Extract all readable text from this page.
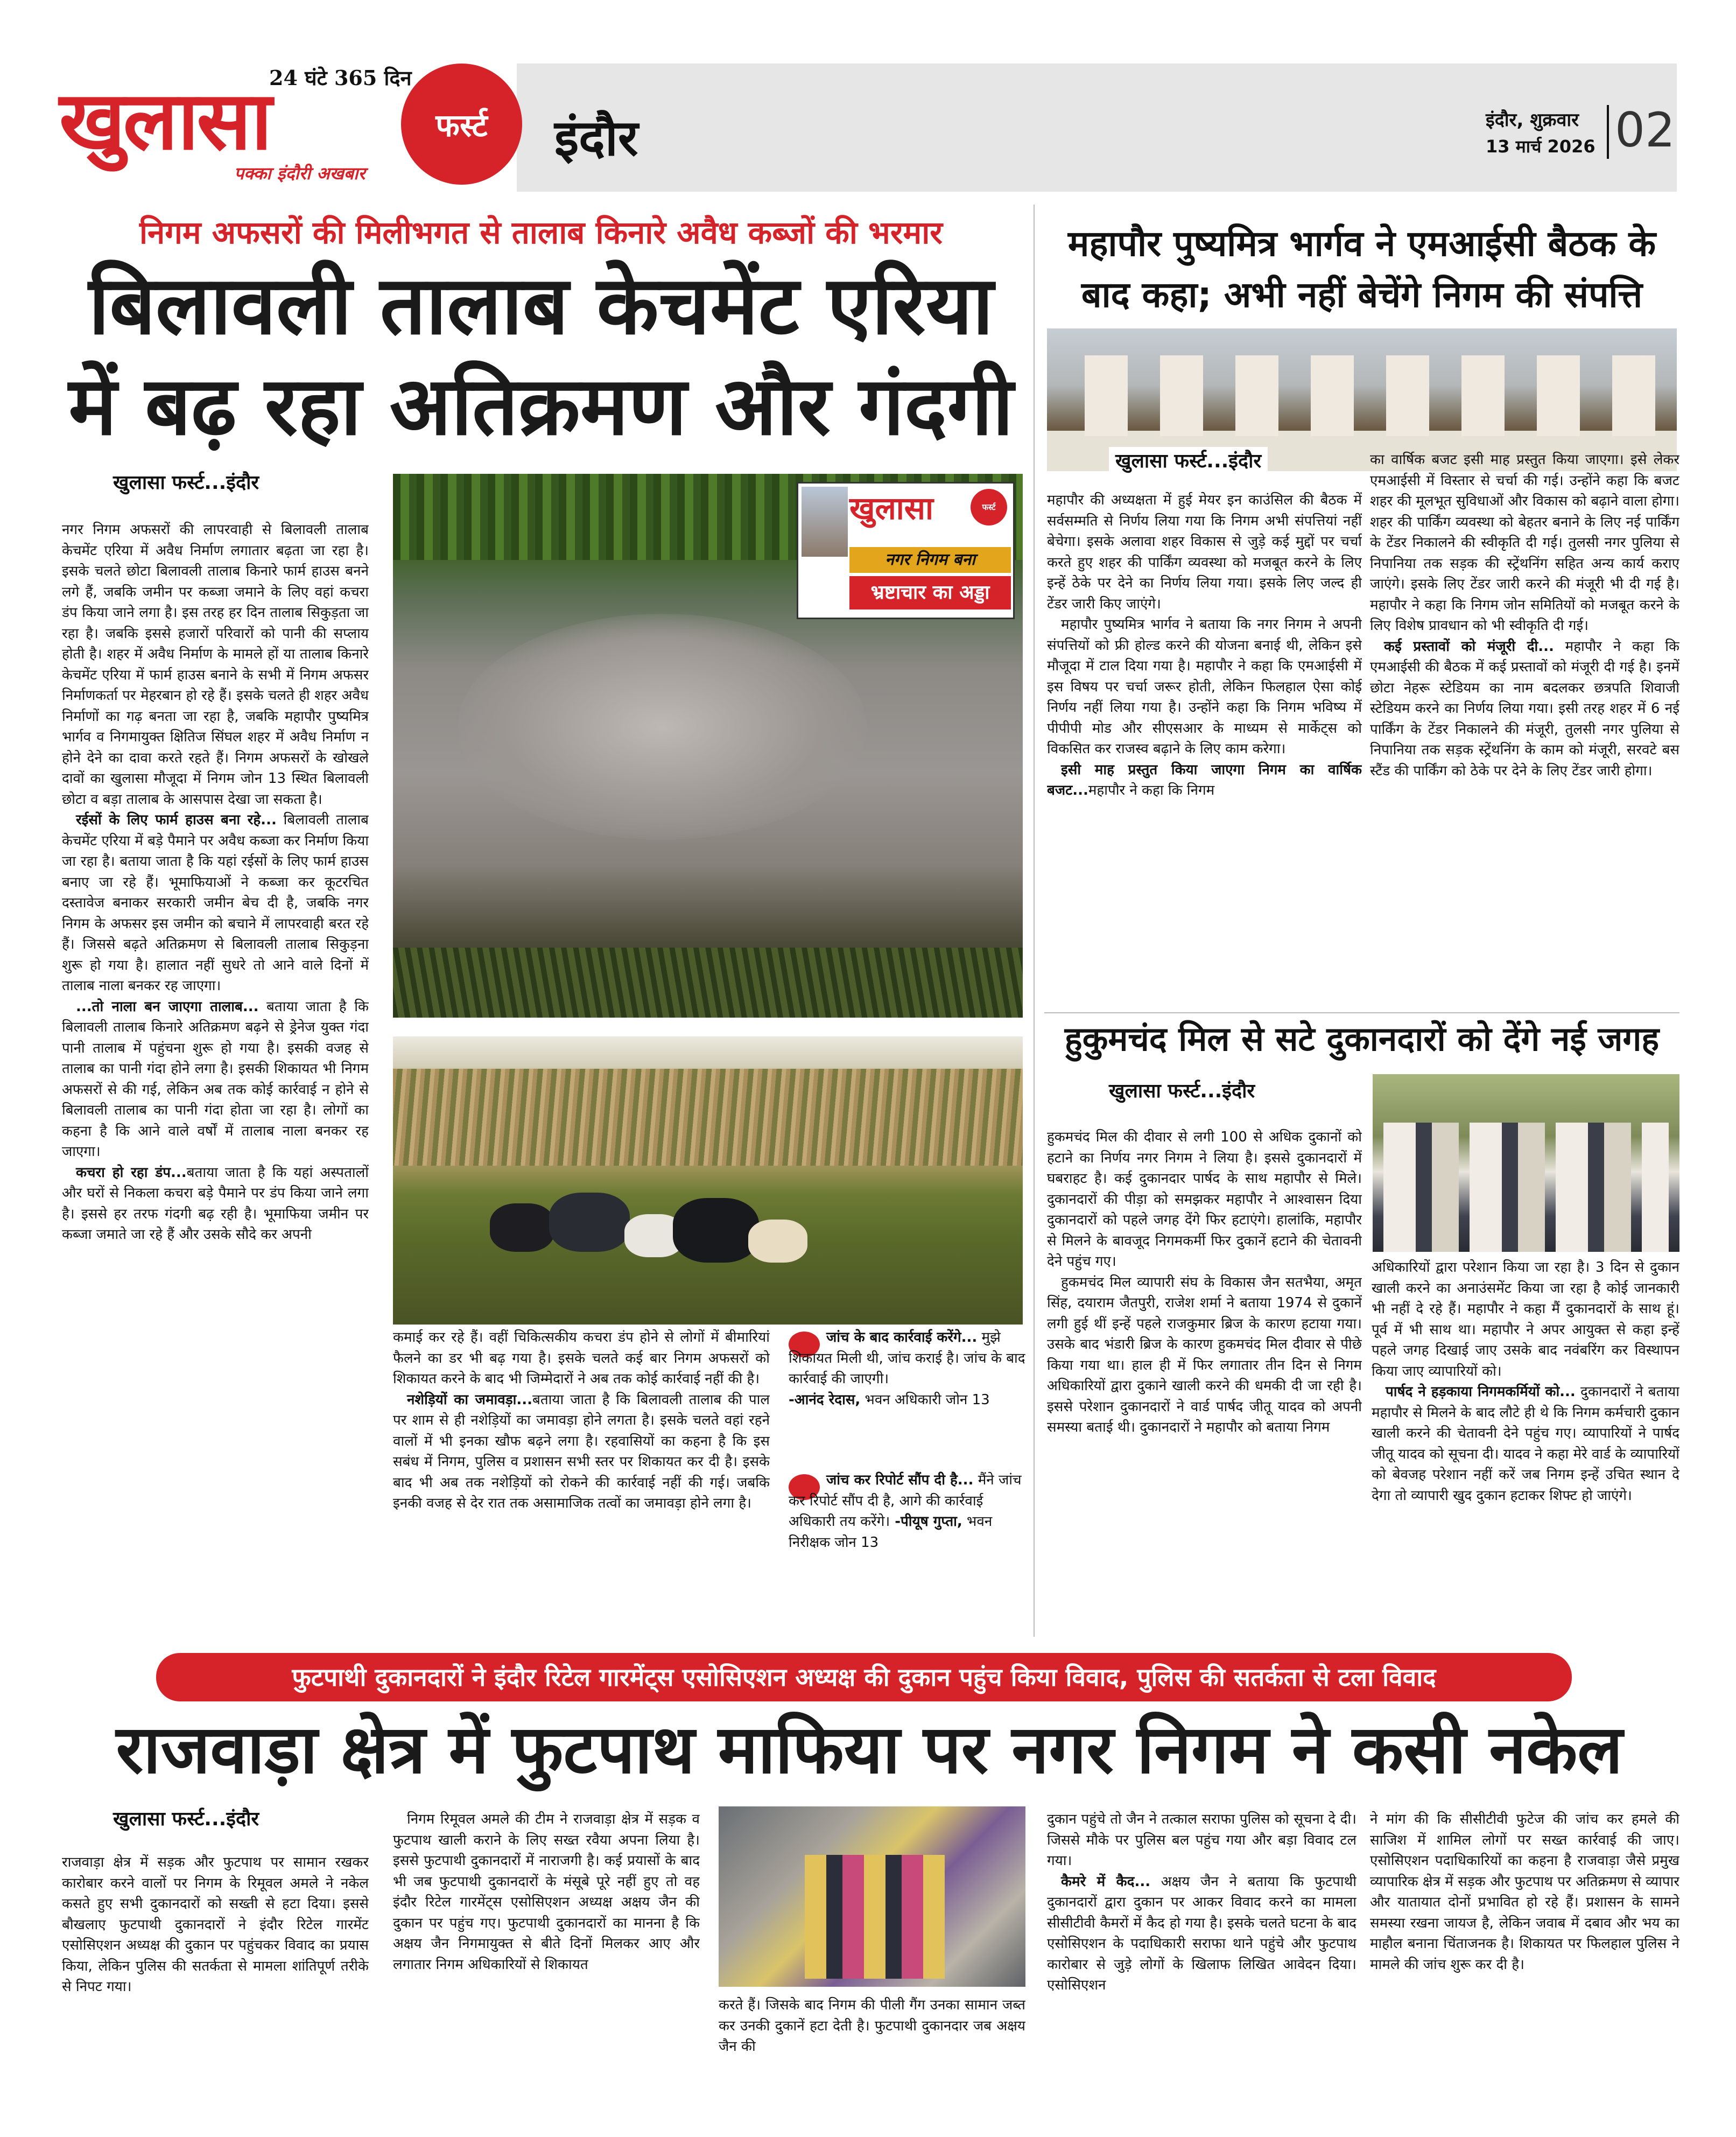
24 घंटे 365 दिन
खुलासा	फर्स्ट
पक्का इंदौरी अखबार
इंदौर	इंदौर, शुक्रवार
13 मार्च 2026 02
निगम अफसरों की मिलीभगत से तालाब किनारे अवैध कब्जों की भरमार
बिलावली तालाब केचमेंट एरिया
में बढ़ रहा अतिक्रमण और गंदगी
खुलासा फर्स्ट...इंदौर

नगर निगम अफसरों की लापरवाही से बिलावली तालाब केचमेंट एरिया में अवैध निर्माण लगातार बढ़ता जा रहा है। इसके चलते छोटा बिलावली तालाब किनारे फार्म हाउस बनने लगे हैं, जबकि जमीन पर कब्जा जमाने के लिए वहां कचरा डंप किया जाने लगा है। इस तरह हर दिन तालाब सिकुड़ता जा रहा है। जबकि इससे हजारों परिवारों को पानी की सप्लाय होती है। शहर में अवैध निर्माण के मामले हों या तालाब किनारे केचमेंट एरिया में फार्म हाउस बनाने के सभी में निगम अफसर निर्माणकर्ता पर मेहरबान हो रहे हैं। इसके चलते ही शहर अवैध निर्माणों का गढ़ बनता जा रहा है, जबकि महापौर पुष्यमित्र भार्गव व निगमायुक्त क्षितिज सिंघल शहर में अवैध निर्माण न होने देने का दावा करते रहते हैं। निगम अफसरों के खोखले दावों का खुलासा मौजूदा में निगम जोन 13 स्थित बिलावली छोटा व बड़ा तालाब के आसपास देखा जा सकता है।

रईसों के लिए फार्म हाउस बना रहे... बिलावली तालाब केचमेंट एरिया में बड़े पैमाने पर अवैध कब्जा कर निर्माण किया जा रहा है। बताया जाता है कि यहां रईसों के लिए फार्म हाउस बनाए जा रहे हैं। भूमाफियाओं ने कब्जा कर कूटरचित दस्तावेज बनाकर सरकारी जमीन बेच दी है, जबकि नगर निगम के अफसर इस जमीन को बचाने में लापरवाही बरत रहे हैं। जिससे बढ़ते अतिक्रमण से बिलावली तालाब सिकुड़ना शुरू हो गया है। हालात नहीं सुधरे तो आने वाले दिनों में तालाब नाला बनकर रह जाएगा।

...तो नाला बन जाएगा तालाब... बताया जाता है कि बिलावली तालाब किनारे अतिक्रमण बढ़ने से ड्रेनेज युक्त गंदा पानी तालाब में पहुंचना शुरू हो गया है। इसकी वजह से तालाब का पानी गंदा होने लगा है। इसकी शिकायत भी निगम अफसरों से की गई, लेकिन अब तक कोई कार्रवाई न होने से बिलावली तालाब का पानी गंदा होता जा रहा है। लोगों का कहना है कि आने वाले वर्षों में तालाब नाला बनकर रह जाएगा।

कचरा हो रहा डंप...बताया जाता है कि यहां अस्पतालों और घरों से निकला कचरा बड़े पैमाने पर डंप किया जाने लगा है। इससे हर तरफ गंदगी बढ़ रही है। भूमाफिया जमीन पर कब्जा जमाते जा रहे हैं और उसके सौदे कर अपनी

खुलासा	फर्स्ट
नगर निगम बना
भ्रष्टाचार का अड्डा

कमाई कर रहे हैं। वहीं चिकित्सकीय कचरा डंप होने से लोगों में बीमारियां फैलने का डर भी बढ़ गया है। इसके चलते कई बार निगम अफसरों को शिकायत करने के बाद भी जिम्मेदारों ने अब तक कोई कार्रवाई नहीं की है।

नशेड़ियों का जमावड़ा...बताया जाता है कि बिलावली तालाब की पाल पर शाम से ही नशेड़ियों का जमावड़ा होने लगता है। इसके चलते वहां रहने वालों में भी इनका खौफ बढ़ने लगा है। रहवासियों का कहना है कि इस सबंध में निगम, पुलिस व प्रशासन सभी स्तर पर शिकायत कर दी है। इसके बाद भी अब तक नशेड़ियों को रोकने की कार्रवाई नहीं की गई। जबकि इनकी वजह से देर रात तक असामाजिक तत्वों का जमावड़ा होने लगा है।

जांच के बाद कार्रवाई करेंगे... मुझे शिकायत मिली थी, जांच कराई है। जांच के बाद कार्रवाई की जाएगी।
-आनंद रेदास, भवन अधिकारी जोन 13
जांच कर रिपोर्ट सौंप दी है... मैंने जांच कर रिपोर्ट सौंप दी है, आगे की कार्रवाई अधिकारी तय करेंगे। -पीयूष गुप्ता, भवन निरीक्षक जोन 13
महापौर पुष्यमित्र भार्गव ने एमआईसी बैठक के
बाद कहा; अभी नहीं बेचेंगे निगम की संपत्ति
खुलासा फर्स्ट...इंदौर

महापौर की अध्यक्षता में हुई मेयर इन काउंसिल की बैठक में सर्वसम्मति से निर्णय लिया गया कि निगम अभी संपत्तियां नहीं बेचेगा। इसके अलावा शहर विकास से जुड़े कई मुद्दों पर चर्चा करते हुए शहर की पार्किंग व्यवस्था को मजबूत करने के लिए इन्हें ठेके पर देने का निर्णय लिया गया। इसके लिए जल्द ही टेंडर जारी किए जाएंगे।

महापौर पुष्यमित्र भार्गव ने बताया कि नगर निगम ने अपनी संपत्तियों को फ्री होल्ड करने की योजना बनाई थी, लेकिन इसे मौजूदा में टाल दिया गया है। महापौर ने कहा कि एमआईसी में इस विषय पर चर्चा जरूर होती, लेकिन फिलहाल ऐसा कोई निर्णय नहीं लिया गया है। उन्होंने कहा कि निगम भविष्य में पीपीपी मोड और सीएसआर के माध्यम से मार्केट्स को विकसित कर राजस्व बढ़ाने के लिए काम करेगा।

इसी माह प्रस्तुत किया जाएगा निगम का वार्षिक बजट...महापौर ने कहा कि निगम

का वार्षिक बजट इसी माह प्रस्तुत किया जाएगा। इसे लेकर एमआईसी में विस्तार से चर्चा की गई। उन्होंने कहा कि बजट शहर की मूलभूत सुविधाओं और विकास को बढ़ाने वाला होगा। शहर की पार्किंग व्यवस्था को बेहतर बनाने के लिए नई पार्किंग के टेंडर निकालने की स्वीकृति दी गई। तुलसी नगर पुलिया से निपानिया तक सड़क की स्ट्रेंथनिंग सहित अन्य कार्य कराए जाएंगे। इसके लिए टेंडर जारी करने की मंजूरी भी दी गई है। महापौर ने कहा कि निगम जोन समितियों को मजबूत करने के लिए विशेष प्रावधान को भी स्वीकृति दी गई।

कई प्रस्तावों को मंजूरी दी... महापौर ने कहा कि एमआईसी की बैठक में कई प्रस्तावों को मंजूरी दी गई है। इनमें छोटा नेहरू स्टेडियम का नाम बदलकर छत्रपति शिवाजी स्टेडियम करने का निर्णय लिया गया। इसी तरह शहर में 6 नई पार्किंग के टेंडर निकालने की मंजूरी, तुलसी नगर पुलिया से निपानिया तक सड़क स्ट्रेंथनिंग के काम को मंजूरी, सरवटे बस स्टैंड की पार्किंग को ठेके पर देने के लिए टेंडर जारी होगा।

हुकुमचंद मिल से सटे दुकानदारों को देंगे नई जगह
खुलासा फर्स्ट...इंदौर

हुकमचंद मिल की दीवार से लगी 100 से अधिक दुकानों को हटाने का निर्णय नगर निगम ने लिया है। इससे दुकानदारों में घबराहट है। कई दुकानदार पार्षद के साथ महापौर से मिले। दुकानदारों की पीड़ा को समझकर महापौर ने आश्वासन दिया दुकानदारों को पहले जगह देंगे फिर हटाएंगे। हालांकि, महापौर से मिलने के बावजूद निगमकर्मी फिर दुकानें हटाने की चेतावनी देने पहुंच गए।

हुकमचंद मिल व्यापारी संघ के विकास जैन सतभैया, अमृत सिंह, दयाराम जैतपुरी, राजेश शर्मा ने बताया 1974 से दुकानें लगी हुई थीं इन्हें पहले राजकुमार ब्रिज के कारण हटाया गया। उसके बाद भंडारी ब्रिज के कारण हुकमचंद मिल दीवार से पीछे किया गया था। हाल ही में फिर लगातार तीन दिन से निगम अधिकारियों द्वारा दुकाने खाली करने की धमकी दी जा रही है। इससे परेशान दुकानदारों ने वार्ड पार्षद जीतू यादव को अपनी समस्या बताई थी। दुकानदारों ने महापौर को बताया निगम

अधिकारियों द्वारा परेशान किया जा रहा है। 3 दिन से दुकान खाली करने का अनाउंसमेंट किया जा रहा है कोई जानकारी भी नहीं दे रहे हैं। महापौर ने कहा मैं दुकानदारों के साथ हूं। पूर्व में भी साथ था। महापौर ने अपर आयुक्त से कहा इन्हें पहले जगह दिखाई जाए उसके बाद नवंबरिंग कर विस्थापन किया जाए व्यापारियों को।

पार्षद ने हड़काया निगमकर्मियों को... दुकानदारों ने बताया महापौर से मिलने के बाद लौटे ही थे कि निगम कर्मचारी दुकान खाली करने की चेतावनी देने पहुंच गए। व्यापारियों ने पार्षद जीतू यादव को सूचना दी। यादव ने कहा मेरे वार्ड के व्यापारियों को बेवजह परेशान नहीं करें जब निगम इन्हें उचित स्थान दे देगा तो व्यापारी खुद दुकान हटाकर शिफ्ट हो जाएंगे।

फुटपाथी दुकानदारों ने इंदौर रिटेल गारमेंट्स एसोसिएशन अध्यक्ष की दुकान पहुंच किया विवाद, पुलिस की सतर्कता से टला विवाद
राजवाड़ा क्षेत्र में फुटपाथ माफिया पर नगर निगम ने कसी नकेल
खुलासा फर्स्ट...इंदौर

राजवाड़ा क्षेत्र में सड़क और फुटपाथ पर सामान रखकर कारोबार करने वालों पर निगम के रिमूवल अमले ने नकेल कसते हुए सभी दुकानदारों को सख्ती से हटा दिया। इससे बौखलाए फुटपाथी दुकानदारों ने इंदौर रिटेल गारमेंट एसोसिएशन अध्यक्ष की दुकान पर पहुंचकर विवाद का प्रयास किया, लेकिन पुलिस की सतर्कता से मामला शांतिपूर्ण तरीके से निपट गया।

निगम रिमूवल अमले की टीम ने राजवाड़ा क्षेत्र में सड़क व फुटपाथ खाली कराने के लिए सख्त रवैया अपना लिया है। इससे फुटपाथी दुकानदारों में नाराजगी है। कई प्रयासों के बाद भी जब फुटपाथी दुकानदारों के मंसूबे पूरे नहीं हुए तो वह इंदौर रिटेल गारमेंट्स एसोसिएशन अध्यक्ष अक्षय जैन की दुकान पर पहुंच गए। फुटपाथी दुकानदारों का मानना है कि अक्षय जैन निगमायुक्त से बीते दिनों मिलकर आए और लगातार निगम अधिकारियों से शिकायत

करते हैं। जिसके बाद निगम की पीली गैंग उनका सामान जब्त कर उनकी दुकानें हटा देती है। फुटपाथी दुकानदार जब अक्षय जैन की

दुकान पहुंचे तो जैन ने तत्काल सराफा पुलिस को सूचना दे दी। जिससे मौके पर पुलिस बल पहुंच गया और बड़ा विवाद टल गया।

कैमरे में कैद... अक्षय जैन ने बताया कि फुटपाथी दुकानदारों द्वारा दुकान पर आकर विवाद करने का मामला सीसीटीवी कैमरों में कैद हो गया है। इसके चलते घटना के बाद एसोसिएशन के पदाधिकारी सराफा थाने पहुंचे और फुटपाथ कारोबार से जुड़े लोगों के खिलाफ लिखित आवेदन दिया। एसोसिएशन

ने मांग की कि सीसीटीवी फुटेज की जांच कर हमले की साजिश में शामिल लोगों पर सख्त कार्रवाई की जाए। एसोसिएशन पदाधिकारियों का कहना है राजवाड़ा जैसे प्रमुख व्यापारिक क्षेत्र में सड़क और फुटपाथ पर अतिक्रमण से व्यापार और यातायात दोनों प्रभावित हो रहे हैं। प्रशासन के सामने समस्या रखना जायज है, लेकिन जवाब में दबाव और भय का माहौल बनाना चिंताजनक है। शिकायत पर फिलहाल पुलिस ने मामले की जांच शुरू कर दी है।
